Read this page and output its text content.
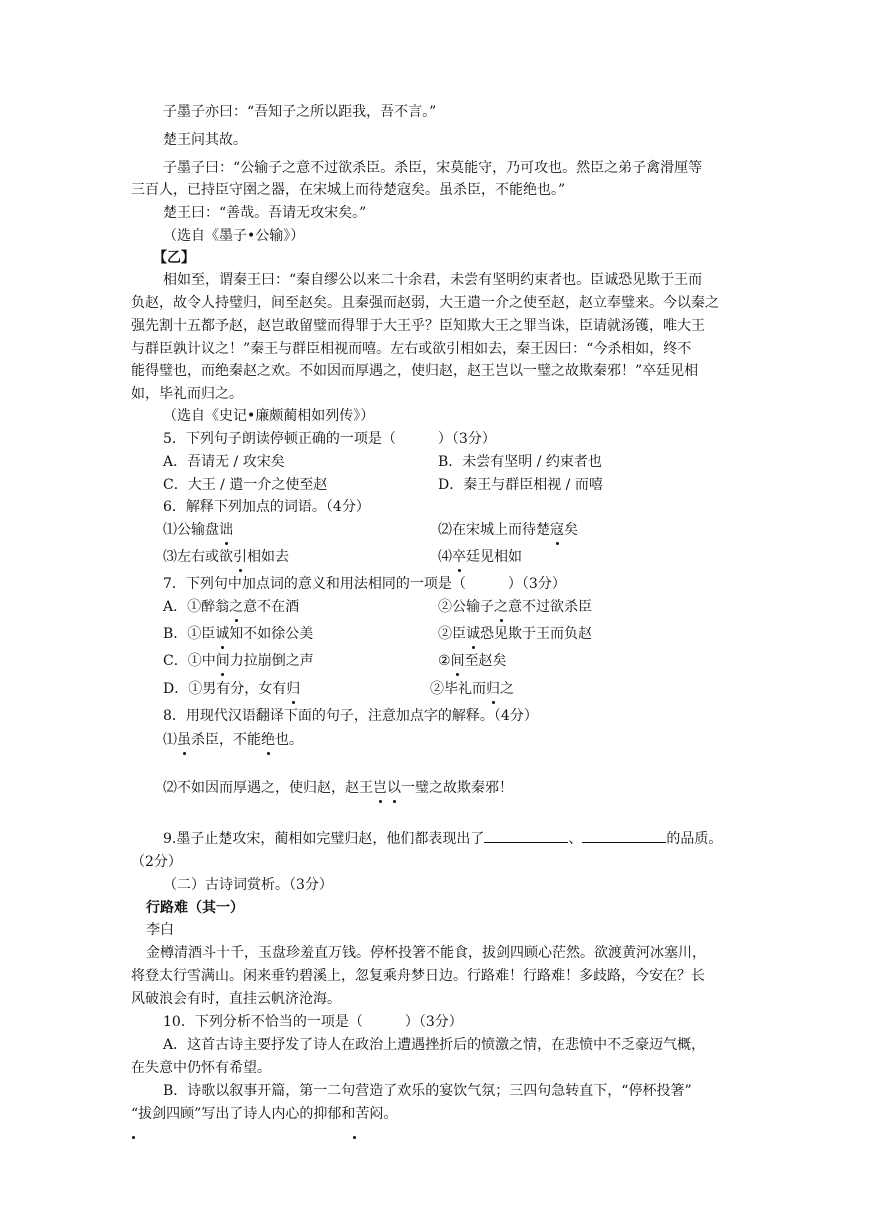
子墨子亦曰：“吾知子之所以距我，吾不言。”
楚王问其故。
子墨子曰：“公输子之意不过欲杀臣。杀臣，宋莫能守，乃可攻也。然臣之弟子禽滑厘等
三百人，已持臣守圉之器，在宋城上而待楚寇矣。虽杀臣，不能绝也。”
楚王曰：“善哉。吾请无攻宋矣。”
（选自《墨子•公输》）
【乙】
相如至，谓秦王曰：“秦自缪公以来二十余君，未尝有坚明约束者也。臣诚恐见欺于王而
负赵，故令人持璧归，间至赵矣。且秦强而赵弱，大王遣一介之使至赵，赵立奉璧来。今以秦之
强先割十五都予赵，赵岂敢留璧而得罪于大王乎？臣知欺大王之罪当诛，臣请就汤镬，唯大王
与群臣孰计议之！”秦王与群臣相视而嘻。左右或欲引相如去，秦王因曰：“今杀相如，终不
能得璧也，而绝秦赵之欢。不如因而厚遇之，使归赵，赵王岂以一璧之故欺秦邪！”卒廷见相
如，毕礼而归之。
（选自《史记•廉颇蔺相如列传》）
5．下列句子朗读停顿正确的一项是（　　　）（3分）
A．吾请无 / 攻宋矣	B．未尝有坚明 / 约束者也
C．大王 / 遣一介之使至赵	D．秦王与群臣相视 / 而嘻
6．解释下列加点的词语。（4分）
⑴公输盘诎	⑵在宋城上而待楚寇矣
⑶左右或欲引相如去	⑷卒廷见相如
7．下列句中加点词的意义和用法相同的一项是（　　　）（3分）
A．①醉翁之意不在酒	②公输子之意不过欲杀臣
B．①臣诚知不如徐公美	②臣诚恐见欺于王而负赵
C．①中间力拉崩倒之声	②间至赵矣
D．①男有分，女有归	②毕礼而归之
8．用现代汉语翻译下面的句子，注意加点字的解释。（4分）
⑴虽杀臣，不能绝也。
⑵不如因而厚遇之，使归赵，赵王岂以一璧之故欺秦邪！
9.墨子止楚攻宋，蔺相如完璧归赵，他们都表现出了	、	的品质。
（2分）
（二）古诗词赏析。（3分）
行路难（其一）
李白
金樽清酒斗十千，玉盘珍羞直万钱。停杯投箸不能食，拔剑四顾心茫然。欲渡黄河冰塞川，
将登太行雪满山。闲来垂钓碧溪上，忽复乘舟梦日边。行路难！行路难！多歧路，今安在？长
风破浪会有时，直挂云帆济沧海。
10．下列分析不恰当的一项是（　　　）（3分）
A．这首古诗主要抒发了诗人在政治上遭遇挫折后的愤激之情，在悲愤中不乏豪迈气概，
在失意中仍怀有希望。
B．诗歌以叙事开篇，第一二句营造了欢乐的宴饮气氛；三四句急转直下，“停杯投箸”
“拔剑四顾”写出了诗人内心的抑郁和苦闷。
